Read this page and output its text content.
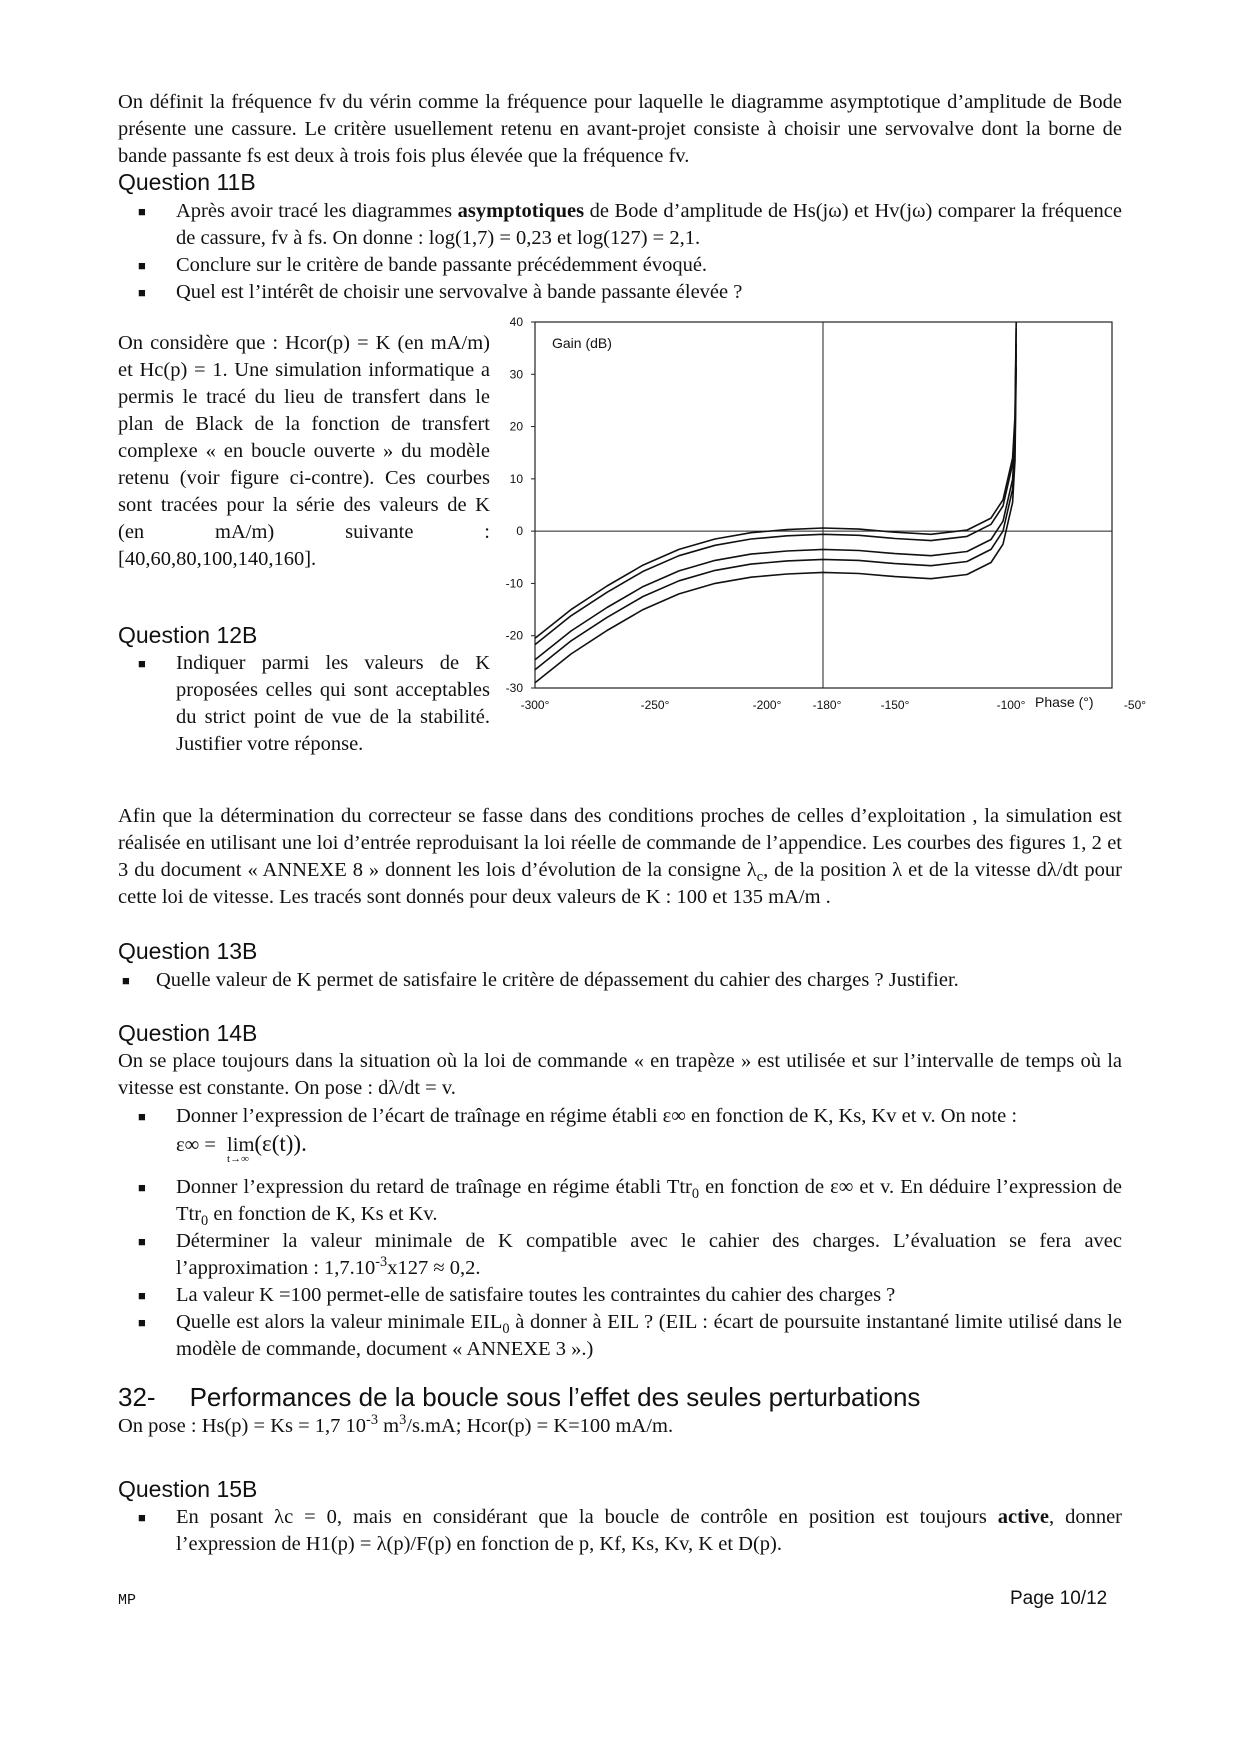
On définit la fréquence fv du vérin comme la fréquence pour laquelle le diagramme asymptotique d’amplitude de Bode présente une cassure. Le critère usuellement retenu en avant-projet consiste à choisir une servovalve dont la borne de bande passante fs est deux à trois fois plus élevée que la fréquence fv.
Question 11B
■ Après avoir tracé les diagrammes asymptotiques de Bode d’amplitude de Hs(jω) et Hv(jω) comparer la fréquence de cassure, fv à fs. On donne : log(1,7) = 0,23 et log(127) = 2,1.
■ Conclure sur le critère de bande passante précédemment évoqué.
■ Quel est l’intérêt de choisir une servovalve à bande passante élevée ?
On considère que : Hcor(p) = K (en mA/m) et Hc(p) = 1. Une simulation informatique a permis le tracé du lieu de transfert dans le plan de Black de la fonction de transfert complexe « en boucle ouverte » du modèle retenu (voir figure ci-contre). Ces courbes sont tracées pour la série des valeurs de K (en mA/m) suivante : [40,60,80,100,140,160].
Question 12B
■ Indiquer parmi les valeurs de K proposées celles qui sont acceptables du strict point de vue de la stabilité. Justifier votre réponse.
40
30
20
10
0
-10
-20
-30
-300°	-250°	-200°	-180°	-150°	-100°	-50°
Gain (dB)
Phase (°)
Afin que la détermination du correcteur se fasse dans des conditions proches de celles d’exploitation , la simulation est réalisée en utilisant une loi d’entrée reproduisant la loi réelle de commande de l’appendice. Les courbes des figures 1, 2 et 3 du document « ANNEXE 8 » donnent les lois d’évolution de la consigne $\lambda_c$, de la position λ et de la vitesse dλ/dt pour cette loi de vitesse. Les tracés sont donnés pour deux valeurs de K : 100 et 135 mA/m .
Question 13B
■ Quelle valeur de K permet de satisfaire le critère de dépassement du cahier des charges ? Justifier.
Question 14B
On se place toujours dans la situation où la loi de commande « en trapèze » est utilisée et sur l’intervalle de temps où la vitesse est constante. On pose : dλ/dt = v.
■ Donner l’expression de l’écart de traînage en régime établi ε∞ en fonction de K, Ks, Kv et v. On note :
ε∞ = lim
t→∞
(ε(t)).
■ Donner l’expression du retard de traînage en régime établi Ttr$_0$ en fonction de ε∞ et v. En déduire l’expression de Ttr$_0$ en fonction de K, Ks et Kv.
■ Déterminer la valeur minimale de K compatible avec le cahier des charges. L’évaluation se fera avec l’approximation : $1,7.10^{-3}x127 \approx 0,2$.
■ La valeur K =100 permet-elle de satisfaire toutes les contraintes du cahier des charges ?
■ Quelle est alors la valeur minimale $EIL_0$ à donner à EIL ? (EIL : écart de poursuite instantané limite utilisé dans le modèle de commande, document « ANNEXE 3 ».)
32- Performances de la boucle sous l’effet des seules perturbations
On pose : Hs(p) = Ks = 1,7 $10^{-3}$ $m^3/s.mA$; Hcor(p) = K=100 mA/m.
Question 15B
■ En posant λc = 0, mais en considérant que la boucle de contrôle en position est toujours active, donner l’expression de H1(p) = λ(p)/F(p) en fonction de p, Kf, Ks, Kv, K et D(p).
MP	Page 10/12
